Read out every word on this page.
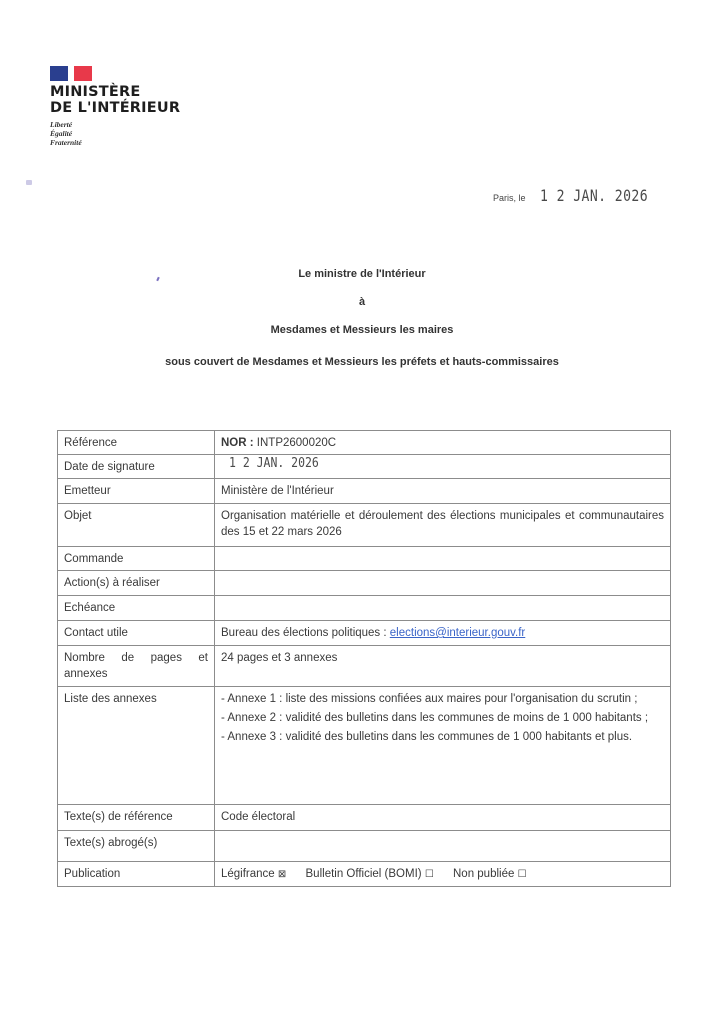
MINISTÈRE
DE L'INTÉRIEUR
Liberté
Égalité
Fraternité
Paris, le 1 2 JAN. 2026
Le ministre de l'Intérieur
à
Mesdames et Messieurs les maires
sous couvert de Mesdames et Messieurs les préfets et hauts-commissaires
Référence	NOR : INTP2600020C
Date de signature	1 2 JAN. 2026
Emetteur	Ministère de l'Intérieur
Objet	Organisation matérielle et déroulement des élections municipales et communautaires des 15 et 22 mars 2026
Commande	
Action(s) à réaliser	
Echéance	
Contact utile	Bureau des élections politiques : elections@interieur.gouv.fr
Nombre de pages et annexes	24 pages et 3 annexes
Liste des annexes	- Annexe 1 : liste des missions confiées aux maires pour l'organisation du scrutin ;
- Annexe 2 : validité des bulletins dans les communes de moins de 1 000 habitants ;
- Annexe 3 : validité des bulletins dans les communes de 1 000 habitants et plus.

Texte(s) de référence	Code électoral
Texte(s) abrogé(s)	
Publication	Légifrance ⊠ Bulletin Officiel (BOMI) ☐ Non publiée ☐
